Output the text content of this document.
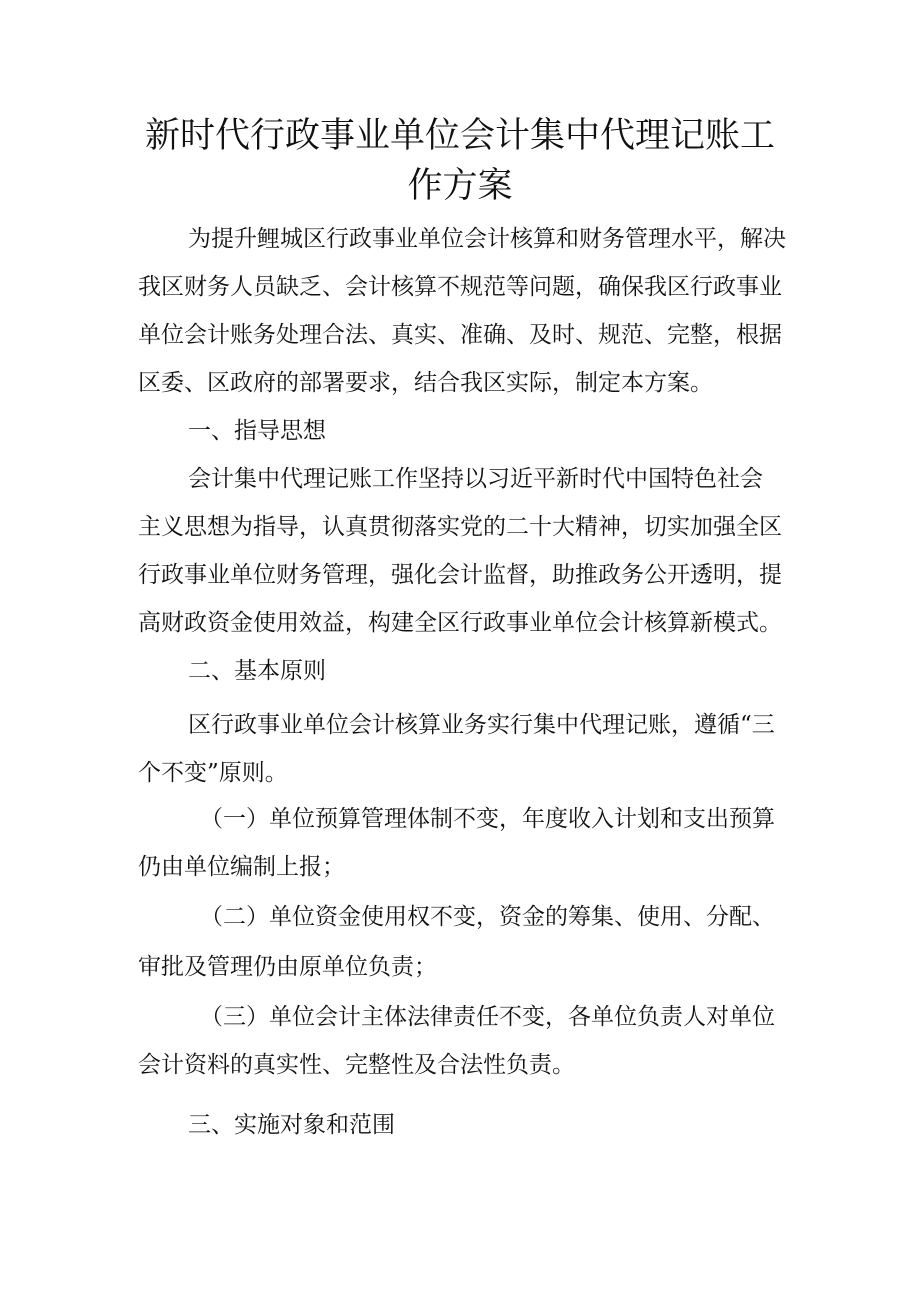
新时代行政事业单位会计集中代理记账工
作方案

为提升鲤城区行政事业单位会计核算和财务管理水平，解决

我区财务人员缺乏、会计核算不规范等问题，确保我区行政事业

单位会计账务处理合法、真实、准确、及时、规范、完整，根据

区委、区政府的部署要求，结合我区实际，制定本方案。

一、指导思想

会计集中代理记账工作坚持以习近平新时代中国特色社会

主义思想为指导，认真贯彻落实党的二十大精神，切实加强全区

行政事业单位财务管理，强化会计监督，助推政务公开透明，提

高财政资金使用效益，构建全区行政事业单位会计核算新模式。

二、基本原则

区行政事业单位会计核算业务实行集中代理记账，遵循“三

个不变”原则。

（一）单位预算管理体制不变，年度收入计划和支出预算

仍由单位编制上报；

（二）单位资金使用权不变，资金的筹集、使用、分配、

审批及管理仍由原单位负责；

（三）单位会计主体法律责任不变，各单位负责人对单位

会计资料的真实性、完整性及合法性负责。

三、实施对象和范围
